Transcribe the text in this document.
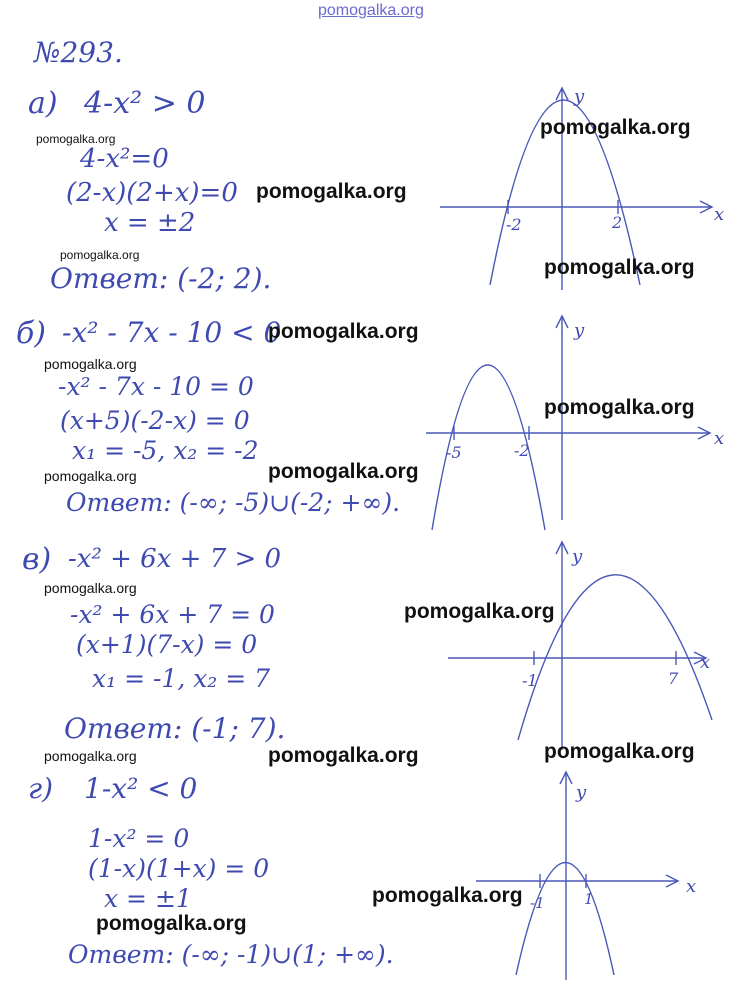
pomogalka.org
№293.
а) 4-x² > 0
4-x²=0
(2-x)(2+x)=0
x = ±2
Ответ: (-2; 2).
-2	2	x
y
б) -x² - 7x - 10 < 0
-x² - 7x - 10 = 0
(x+5)(-2-x) = 0
x₁ = -5, x₂ = -2
Ответ: (-∞; -5)∪(-2; +∞).
-5	-2
x
y
в) -x² + 6x + 7 > 0
-x² + 6x + 7 = 0
(x+1)(7-x) = 0
x₁ = -1, x₂ = 7
Ответ: (-1; 7).
-1	7
x
y
г) 1-x² < 0
1-x² = 0
(1-x)(1+x) = 0
x = ±1
Ответ: (-∞; -1)∪(1; +∞).
-1	1
x
y
pomogalka.org	pomogalka.org
pomogalka.org
pomogalka.org
pomogalka.org
pomogalka.org
pomogalka.org
pomogalka.org
pomogalka.org
pomogalka.org
pomogalka.org
pomogalka.org
pomogalka.org
pomogalka.org	pomogalka.org
pomogalka.org
pomogalka.org
